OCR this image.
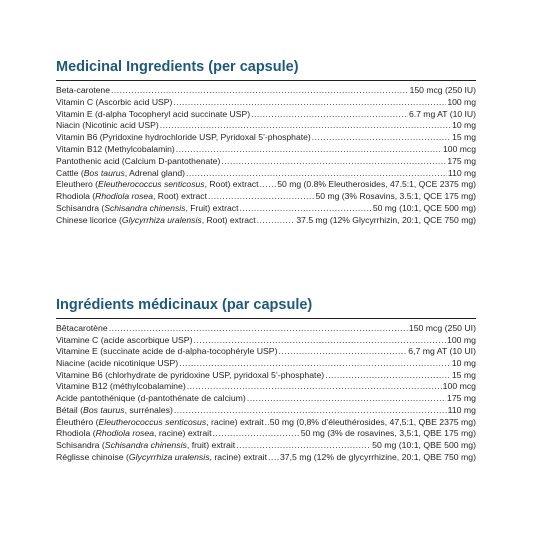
Medicinal Ingredients (per capsule)
Beta-carotene .....	150 mcg (250 IU)
Vitamin C (Ascorbic acid USP) .....	100 mg
Vitamin E (d-alpha Tocopheryl acid succinate USP) .....	6.7 mg AT (10 IU)
Niacin (Nicotinic acid USP) .....	10 mg
Vitamin B6 (Pyridoxine hydrochloride USP, Pyridoxal 5’-phosphate) .....	15 mg
Vitamin B12 (Methylcobalamin) .....	100 mcg
Pantothenic acid (Calcium D-pantothenate) .....	175 mg
Cattle (Bos taurus, Adrenal gland) .....	110 mg
Eleuthero (Eleutherococcus senticosus, Root) extract ..... 50 mg (0.8% Eleutherosides, 47.5:1, QCE 2375 mg)
Rhodiola (Rhodiola rosea, Root) extract .....	50 mg (3% Rosavins, 3.5:1, QCE 175 mg)
Schisandra (Schisandra chinensis, Fruit) extract .....	50 mg (10:1, QCE 500 mg)
Chinese licorice (Glycyrrhiza uralensis, Root) extract .....	37.5 mg (12% Glycyrrhizin, 20:1, QCE 750 mg)
Ingrédients médicinaux (par capsule)
Bêtacarotène .....	150 mcg (250 UI)
Vitamine C (acide ascorbique USP) .....	100 mg
Vitamine E (succinate acide de d-alpha-tocophéryle USP) .....	6,7 mg AT (10 UI)
Niacine (acide nicotinique USP) .....	10 mg
Vitamine B6 (chlorhydrate de pyridoxine USP, pyridoxal 5’-phosphate) .....	15 mg
Vitamine B12 (méthylcobalamine) .....	100 mcg
Acide pantothénique (d-pantothénate de calcium) .....	175 mg
Bétail (Bos taurus, surrénales) .....	110 mg
Éleuthéro (Eleutherococcus senticosus, racine) extrait ..... 50 mg (0,8% d’éleuthérosides, 47,5:1, QBE 2375 mg)
Rhodiola (Rhodiola rosea, racine) extrait .....	50 mg (3% de rosavines, 3,5:1, QBE 175 mg)
Schisandra (Schisandra chinensis, fruit) extrait .....	50 mg (10:1, QBE 500 mg)
Réglisse chinoise (Glycyrrhiza uralensis, racine) extrait ..... 37,5 mg (12% de glycyrrhizine, 20:1, QBE 750 mg)
